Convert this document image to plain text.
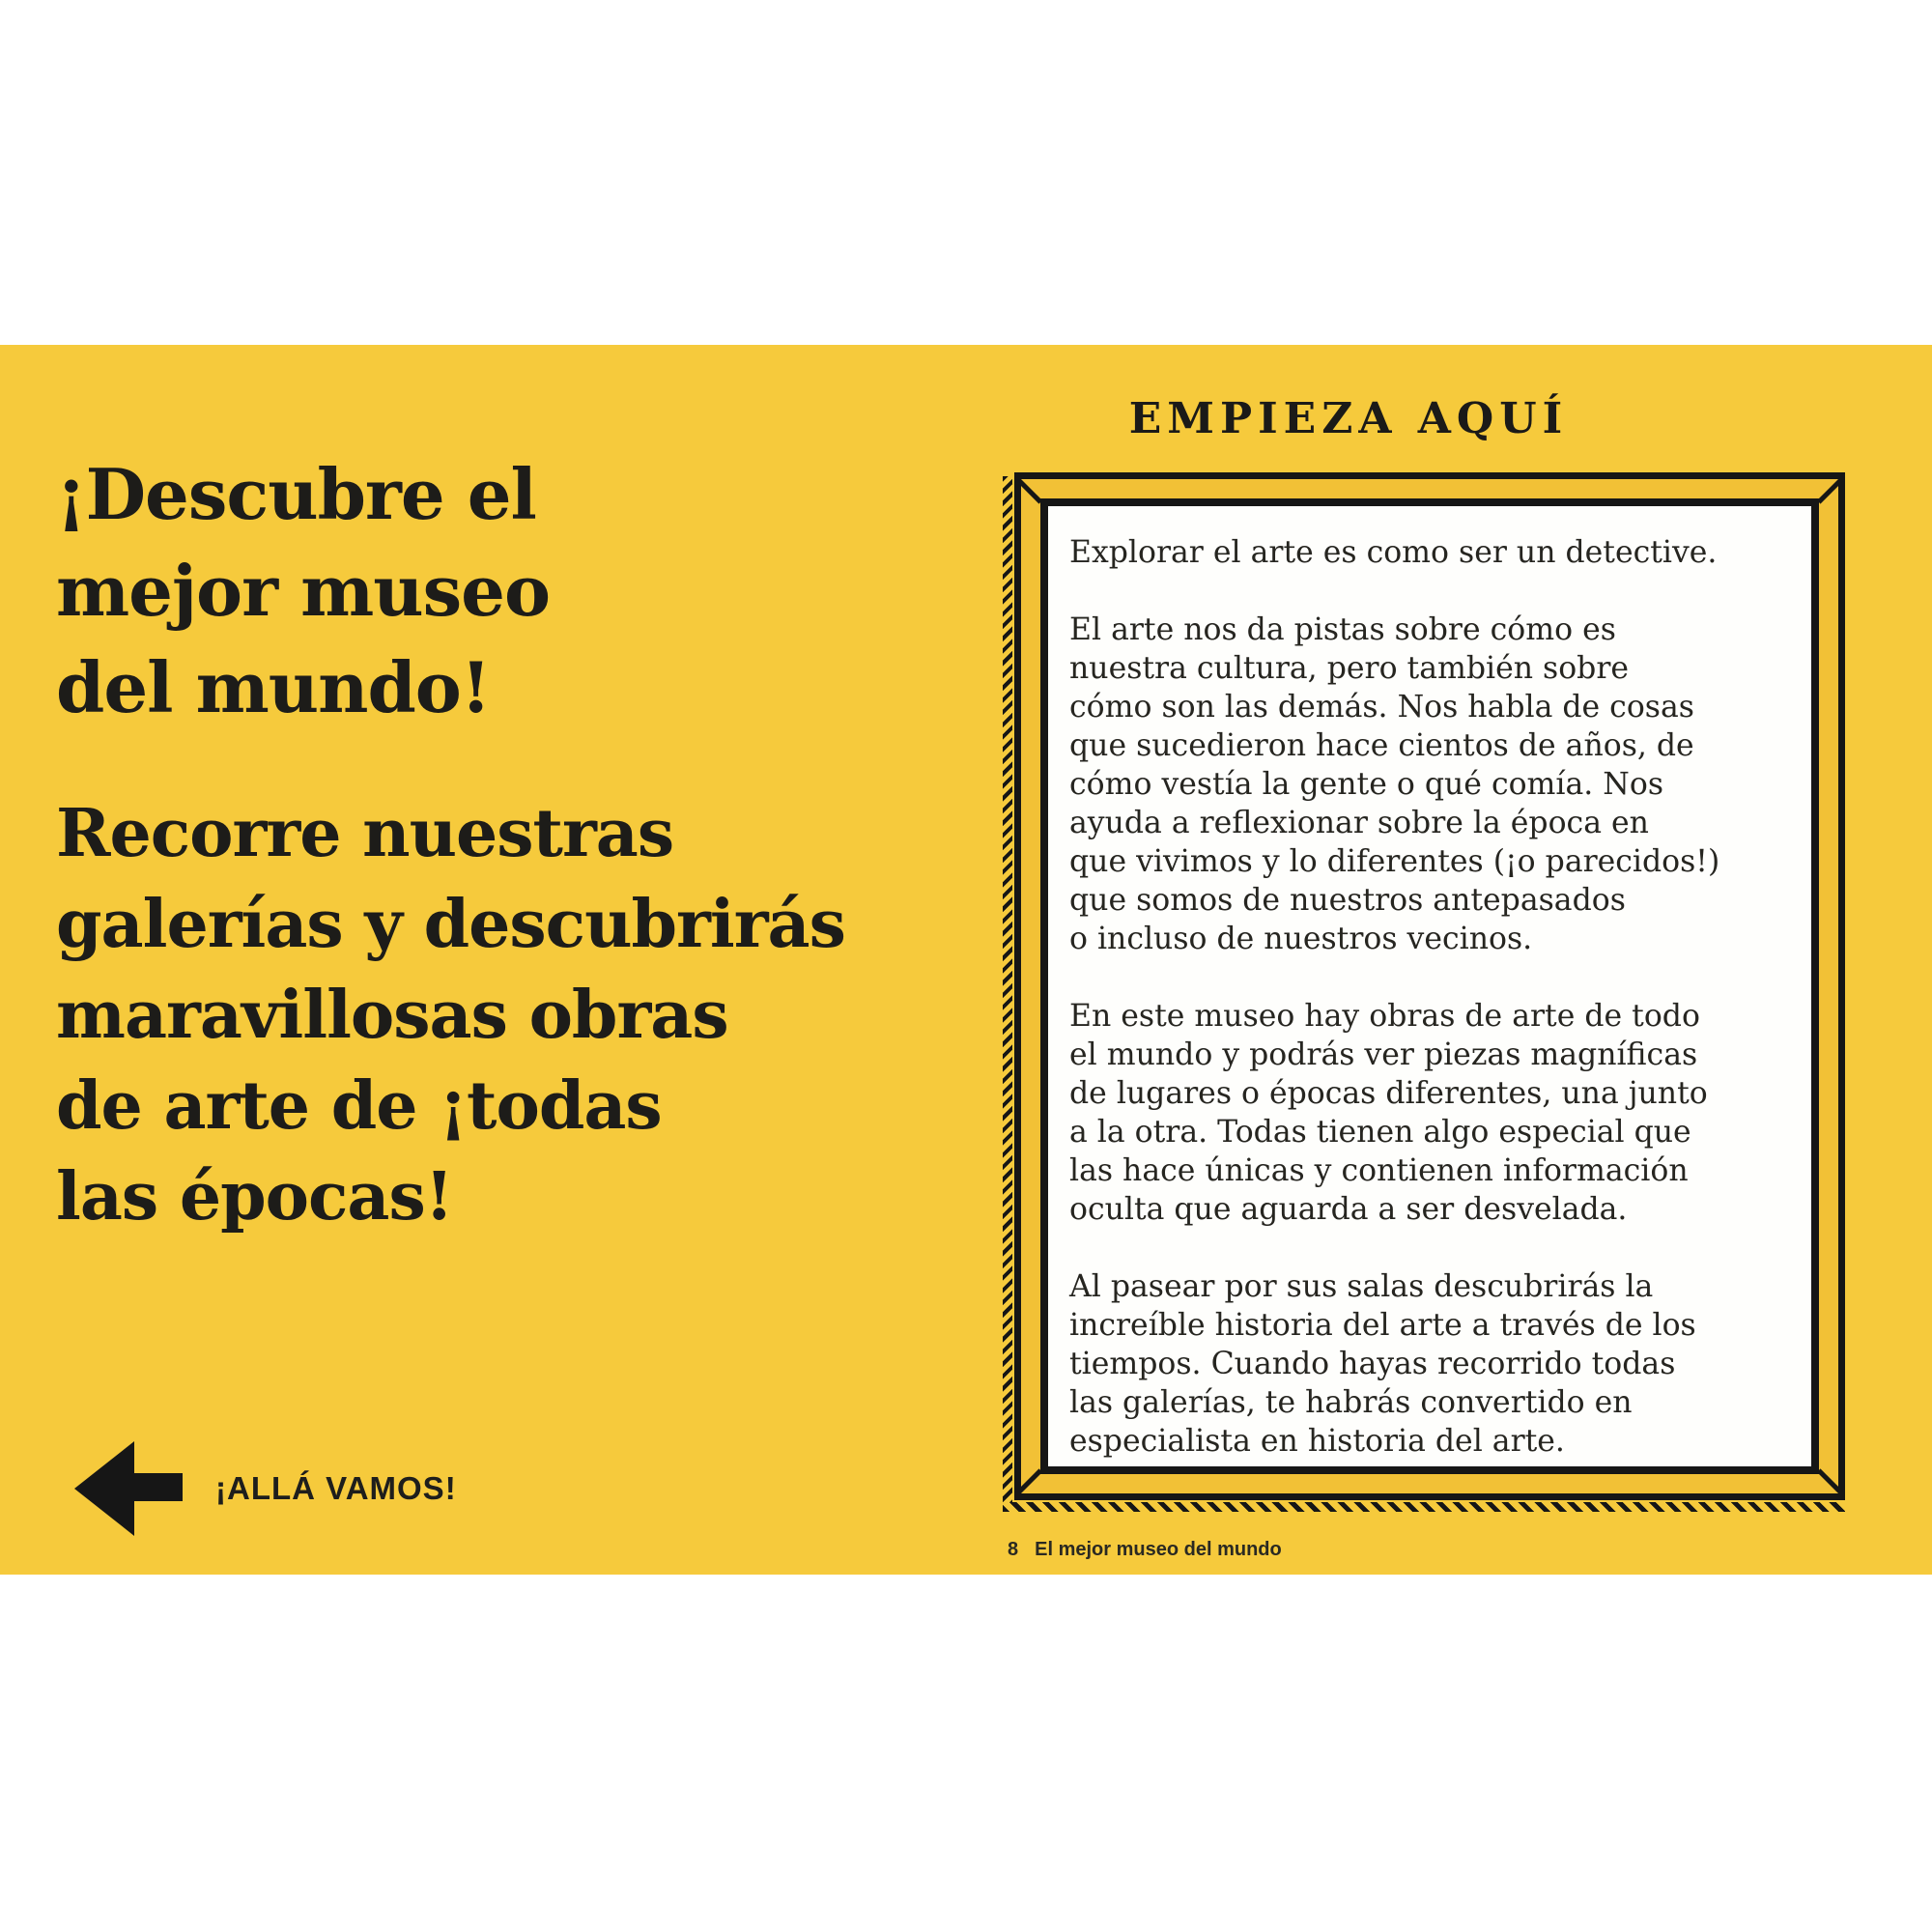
¡Descubre el
mejor museo
del mundo!
Recorre nuestras
galerías y descubrirás
maravillosas obras
de arte de ¡todas
las épocas!
¡ALLÁ VAMOS!
EMPIEZA AQUÍ
Explorar el arte es como ser un detective.
El arte nos da pistas sobre cómo es
nuestra cultura, pero también sobre
cómo son las demás. Nos habla de cosas
que sucedieron hace cientos de años, de
cómo vestía la gente o qué comía. Nos
ayuda a reflexionar sobre la época en
que vivimos y lo diferentes (¡o parecidos!)
que somos de nuestros antepasados
o incluso de nuestros vecinos.
En este museo hay obras de arte de todo
el mundo y podrás ver piezas magníficas
de lugares o épocas diferentes, una junto
a la otra. Todas tienen algo especial que
las hace únicas y contienen información
oculta que aguarda a ser desvelada.
Al pasear por sus salas descubrirás la
increíble historia del arte a través de los
tiempos. Cuando hayas recorrido todas
las galerías, te habrás convertido en
especialista en historia del arte.
8 El mejor museo del mundo
